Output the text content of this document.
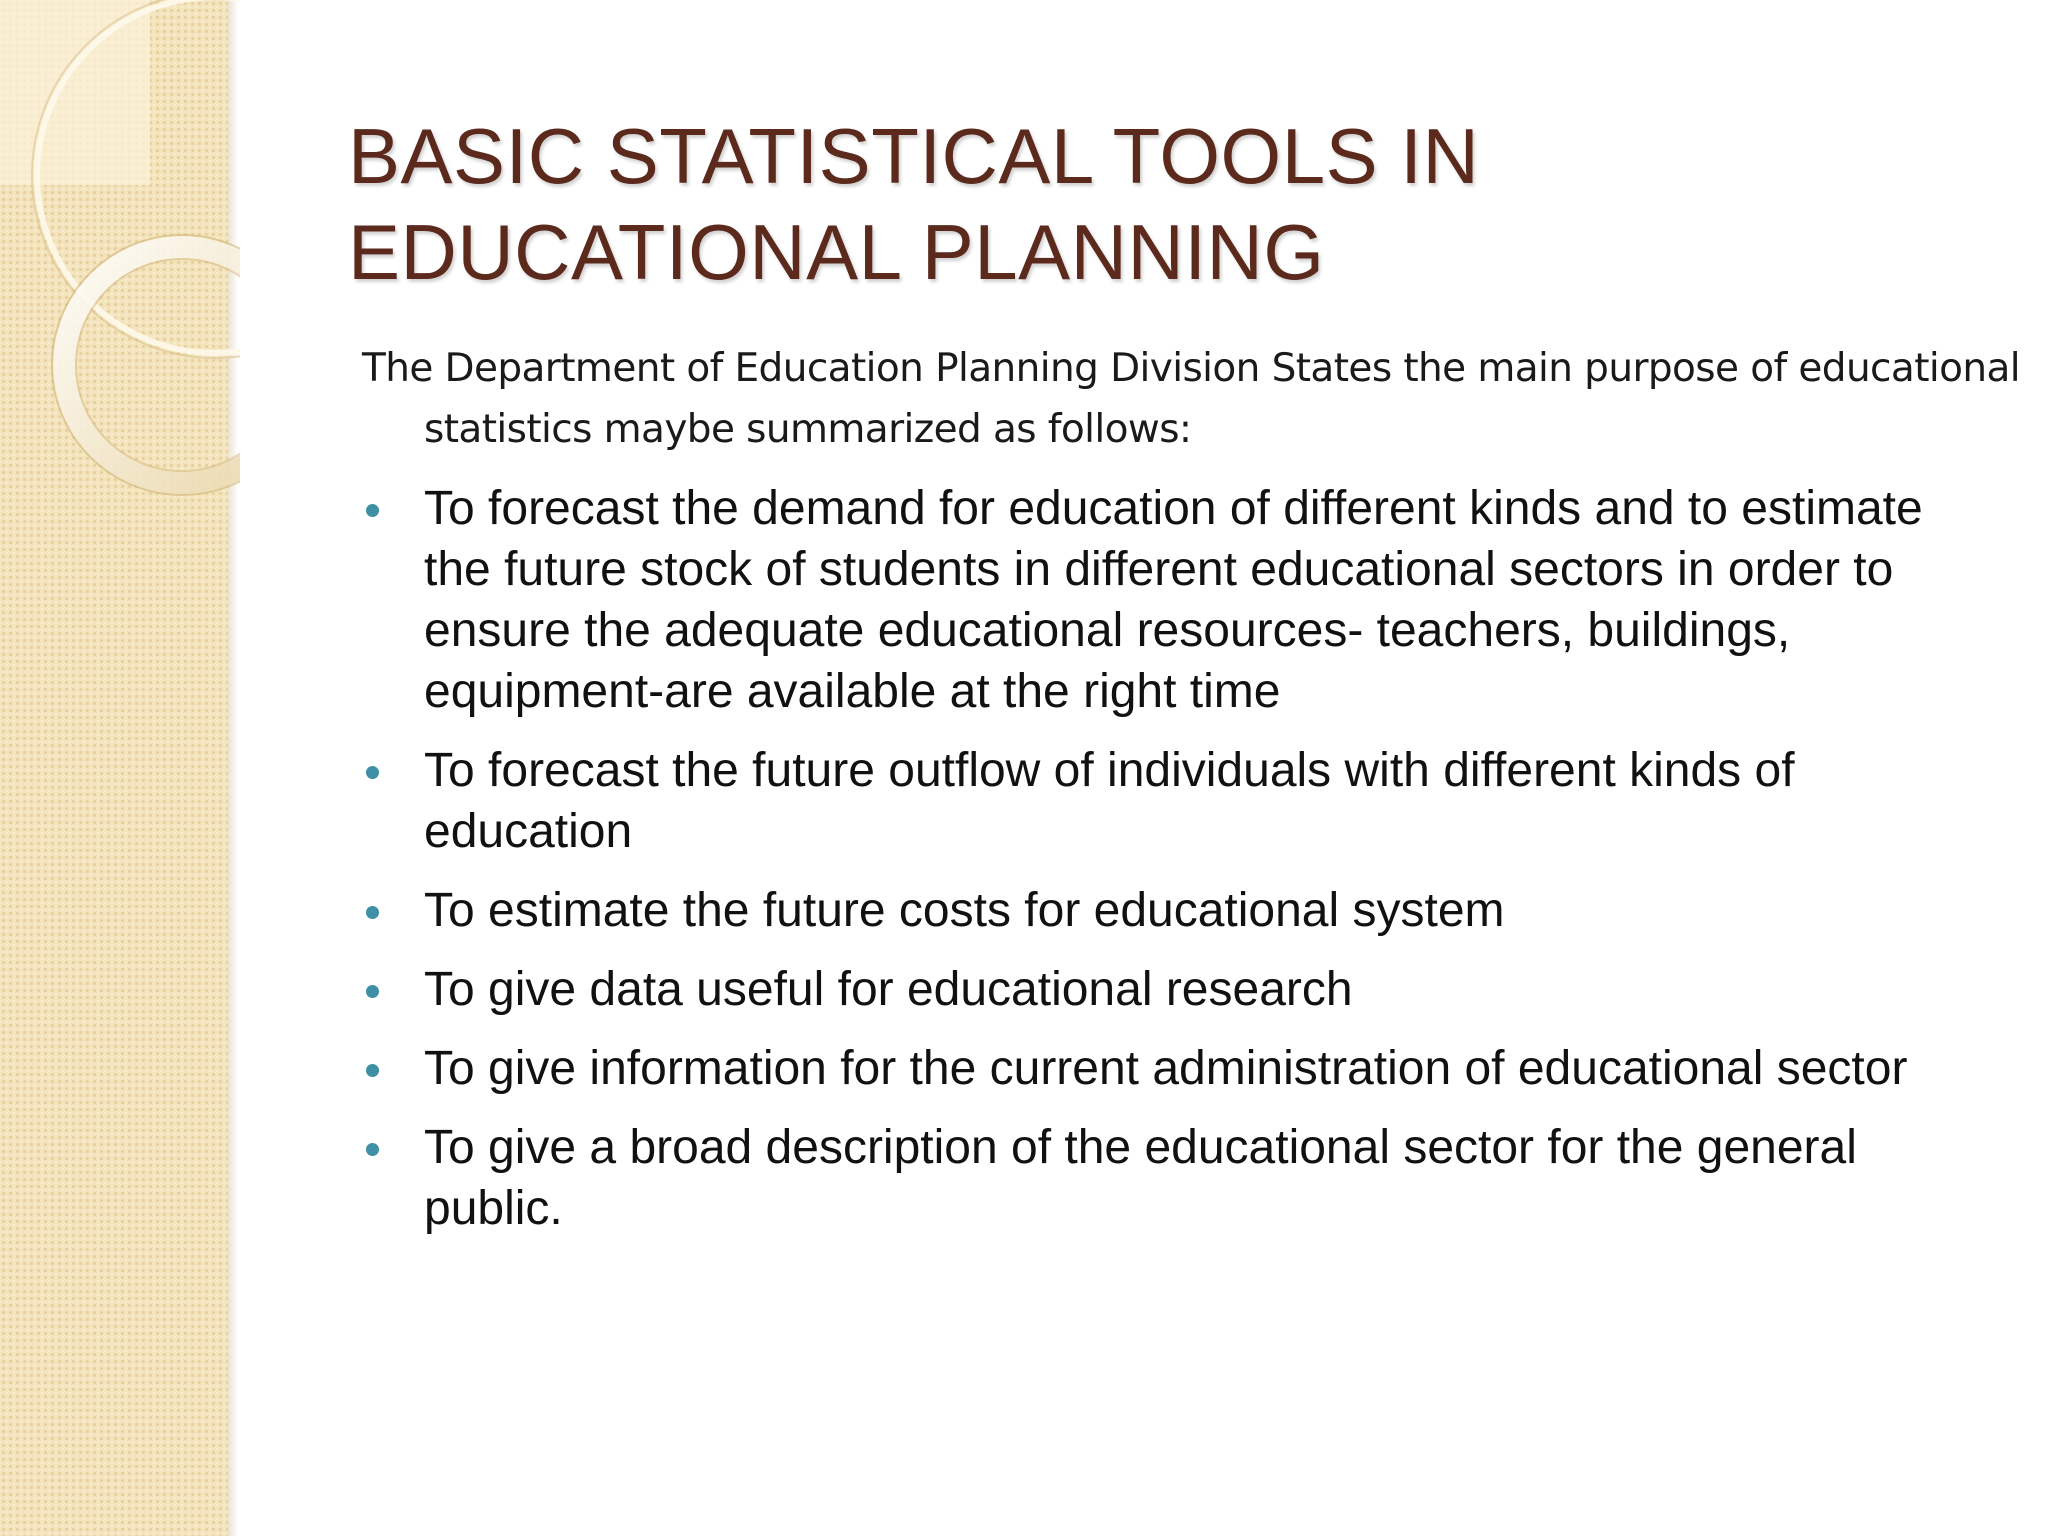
BASIC STATISTICAL TOOLS IN
EDUCATIONAL PLANNING

The Department of Education Planning Division States the main purpose of educational statistics maybe summarized as follows:

To forecast the demand for education of different kinds and to estimate the future stock of students in different educational sectors in order to ensure the adequate educational resources- teachers, buildings, equipment-are available at the right time
To forecast the future outflow of individuals with different kinds of education
To estimate the future costs for educational system
To give data useful for educational research
To give information for the current administration of educational sector
To give a broad description of the educational sector for the general public.
